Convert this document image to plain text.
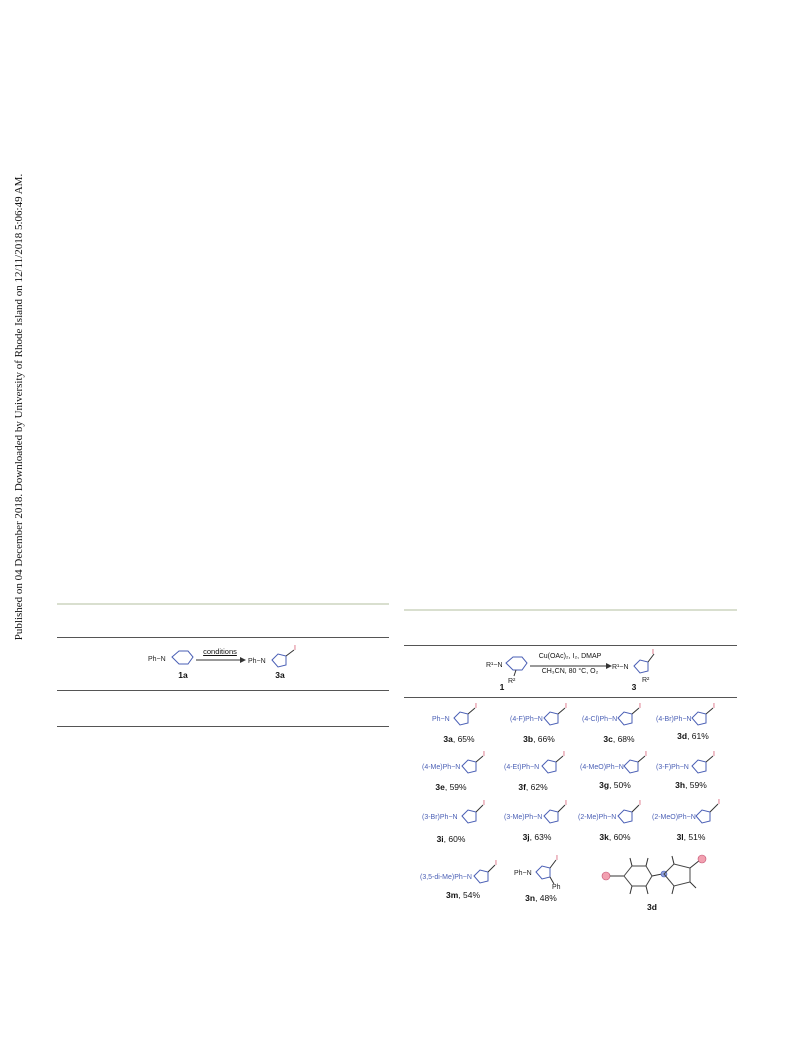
Published on 04 December 2018. Downloaded by University of Rhode Island on 12/11/2018 5:06:49 AM.
Ph−N
1a
conditions
Ph−N
I
3a
R¹−N
R²
1
Cu(OAc)₂, I₂, DMAP
CH₃CN, 80 °C, O₂
R¹−N
I
R²
3
Ph−N
I
3a, 65%
(4-F)Ph−N
I
3b, 66%
(4-Cl)Ph−N
I
3c, 68%
(4-Br)Ph−N
I
3d, 61%
(4-Me)Ph−N
I
3e, 59%
(4-Et)Ph−N
I
3f, 62%
(4-MeO)Ph−N
I
3g, 50%
(3-F)Ph−N
I
3h, 59%
(3-Br)Ph−N
I
3i, 60%
(3-Me)Ph−N
I
3j, 63%
(2-Me)Ph−N
I
3k, 60%
(2-MeO)Ph−N
I
3l, 51%
(3,5-di-Me)Ph−N
I
3m, 54%
Ph−N
I
Ph
3n, 48%
3d
